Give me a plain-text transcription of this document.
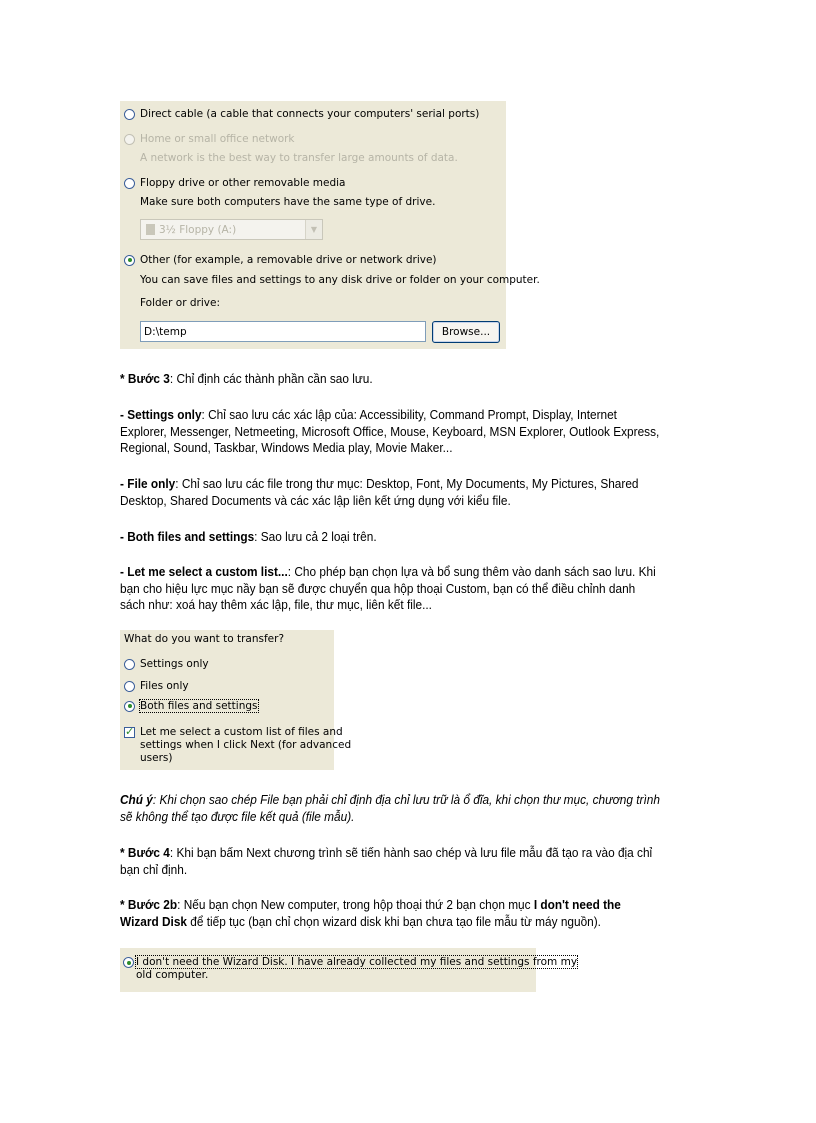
Direct cable (a cable that connects your computers' serial ports)
Home or small office network
A network is the best way to transfer large amounts of data.
Floppy drive or other removable media
Make sure both computers have the same type of drive.
3½ Floppy (A:)	▼
Other (for example, a removable drive or network drive)
You can save files and settings to any disk drive or folder on your computer.
Folder or drive:
D:\temp	Browse...
* Bước 3: Chỉ định các thành phần cần sao lưu.
- Settings only: Chỉ sao lưu các xác lập của: Accessibility, Command Prompt, Display, Internet Explorer, Messenger, Netmeeting, Microsoft Office, Mouse, Keyboard, MSN Explorer, Outlook Express, Regional, Sound, Taskbar, Windows Media play, Movie Maker...
- File only: Chỉ sao lưu các file trong thư mục: Desktop, Font, My Documents, My Pictures, Shared Desktop, Shared Documents và các xác lập liên kết ứng dụng với kiểu file.
- Both files and settings: Sao lưu cả 2 loại trên.
- Let me select a custom list...: Cho phép bạn chọn lựa và bổ sung thêm vào danh sách sao lưu. Khi bạn cho hiệu lực mục nầy bạn sẽ được chuyển qua hộp thoại Custom, bạn có thể điều chỉnh danh sách như: xoá hay thêm xác lập, file, thư mục, liên kết file...
What do you want to transfer?
Settings only
Files only
Both files and settings
✓
Let me select a custom list of files and
settings when I click Next (for advanced
users)
Chú ý: Khi chọn sao chép File bạn phải chỉ định địa chỉ lưu trữ là ổ đĩa, khi chọn thư mục, chương trình sẽ không thể tạo được file kết quả (file mẫu).
* Bước 4: Khi bạn bấm Next chương trình sẽ tiến hành sao chép và lưu file mẫu đã tạo ra vào địa chỉ bạn chỉ định.
* Bước 2b: Nếu bạn chọn New computer, trong hộp thoại thứ 2 bạn chọn mục I don't need the Wizard Disk để tiếp tục (bạn chỉ chọn wizard disk khi bạn chưa tạo file mẫu từ máy nguồn).
I don't need the Wizard Disk. I have already collected my files and settings from my
old computer.
